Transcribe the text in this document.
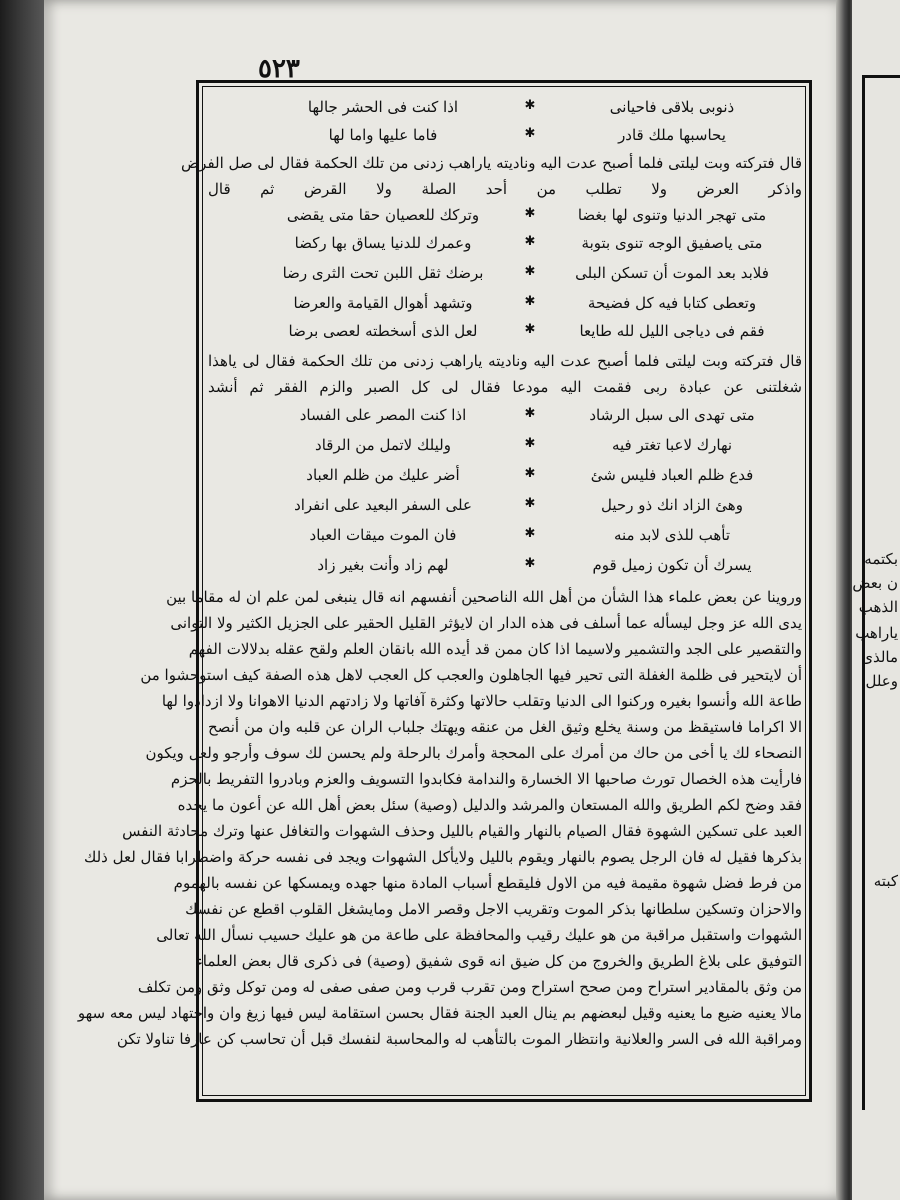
بكتمه
ن بعض
الذهب
ياراهب
مالذى
وعلل
كبته
٥٢٣
ذنوبى بلاقى فاحيانى
✱
اذا كنت فى الحشر جالها
يحاسبها ملك قادر
✱
فاما عليها واما لها
قال فتركته وبت ليلتى فلما أصبح عدت اليه وناديته ياراهب زدنى من تلك الحكمة فقال لى صل الفرض
واذكر العرض ولا تطلب من أحد الصلة ولا القرض ثم قال
متى تهجر الدنيا وتنوى لها بغضا
✱
وتركك للعصيان حقا متى يقضى
متى ياصفيق الوجه تنوى بتوبة
✱
وعمرك للدنيا يساق بها ركضا
فلابد بعد الموت أن تسكن البلى
✱
برضك ثقل اللبن تحت الثرى رضا
وتعطى كتابا فيه كل فضيحة
✱
وتشهد أهوال القيامة والعرضا
فقم فى دياجى الليل لله طايعا
✱
لعل الذى أسخطته لعصى برضا
قال فتركته وبت ليلتى فلما أصبح عدت اليه وناديته ياراهب زدنى من تلك الحكمة فقال لى ياهذا
شغلتنى عن عبادة ربى فقمت اليه مودعا فقال لى كل الصبر والزم الفقر ثم أنشد
متى تهدى الى سبل الرشاد
✱
اذا كنت المصر على الفساد
نهارك لاعبا تغتر فيه
✱
وليلك لاتمل من الرقاد
فدع ظلم العباد فليس شئ
✱
أضر عليك من ظلم العباد
وهئ الزاد انك ذو رحيل
✱
على السفر البعيد على انفراد
تأهب للذى لابد منه
✱
فان الموت ميقات العباد
يسرك أن تكون زميل قوم
✱
لهم زاد وأنت بغير زاد
وروينا عن بعض علماء هذا الشأن من أهل الله الناصحين أنفسهم انه قال ينبغى لمن علم ان له مقاما بين
يدى الله عز وجل ليسأله عما أسلف فى هذه الدار ان لايؤثر القليل الحقير على الجزيل الكثير ولا التوانى
والتقصير على الجد والتشمير ولاسيما اذا كان ممن قد أيده الله بانقان العلم ولقح عقله بدلالات الفهم
أن لايتحير فى ظلمة الغفلة التى تحير فيها الجاهلون والعجب كل العجب لاهل هذه الصفة كيف استوحشوا من
طاعة الله وأنسوا بغيره وركنوا الى الدنيا وتقلب حالاتها وكثرة آفاتها ولا زادتهم الدنيا الاهوانا ولا ازدادوا لها
الا اكراما فاستيقظ من وسنة يخلع وثيق الغل من عنقه ويهتك جلباب الران عن قلبه وان من أنصح
النصحاء لك يا أخى من حاك من أمرك على المحجة وأمرك بالرحلة ولم يحسن لك سوف وأرجو ولعل ويكون
فارأيت هذه الخصال تورث صاحبها الا الخسارة والندامة فكابدوا التسويف والعزم وبادروا التفريط بالحزم
فقد وضح لكم الطريق والله المستعان والمرشد والدليل (وصية) سئل بعض أهل الله عن أعون ما يجده
العبد على تسكين الشهوة فقال الصيام بالنهار والقيام بالليل وحذف الشهوات والتغافل عنها وترك محادثة النفس
بذكرها فقيل له فان الرجل يصوم بالنهار ويقوم بالليل ولايأكل الشهوات ويجد فى نفسه حركة واضطرابا فقال لعل ذلك
من فرط فضل شهوة مقيمة فيه من الاول فليقطع أسباب المادة منها جهده ويمسكها عن نفسه بالهموم
والاحزان وتسكين سلطانها بذكر الموت وتقريب الاجل وقصر الامل ومايشغل القلوب اقطع عن نفسك
الشهوات واستقبل مراقبة من هو عليك رقيب والمحافظة على طاعة من هو عليك حسيب نسأل الله تعالى
التوفيق على بلاغ الطريق والخروج من كل ضيق انه قوى شفيق (وصية) فى ذكرى قال بعض العلماء
من وثق بالمقادير استراح ومن صحح استراح ومن تقرب قرب ومن صفى صفى له ومن توكل وثق ومن تكلف
مالا يعنيه ضيع ما يعنيه وقيل لبعضهم بم ينال العبد الجنة فقال بحسن استقامة ليس فيها زيغ وان واجتهاد ليس معه سهو
ومراقبة الله فى السر والعلانية وانتظار الموت بالتأهب له والمحاسبة لنفسك قبل أن تحاسب كن عارفا تناولا تكن
